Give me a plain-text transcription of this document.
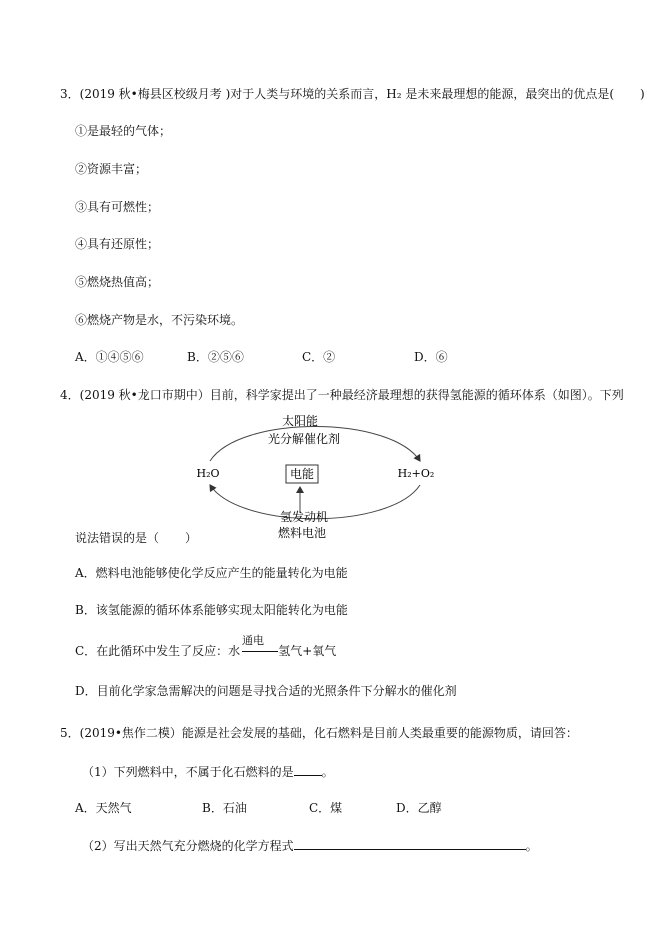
3．(2019 秋•梅县区校级月考 )对于人类与环境的关系而言，H₂ 是未来最理想的能源，最突出的优点是( )
①是最轻的气体；
②资源丰富；
③具有可燃性；
④具有还原性；
⑤燃烧热值高；
⑥燃烧产物是水，不污染环境。
A．①④⑤⑥	B．②⑤⑥	C．②	D．⑥
4．(2019 秋•龙口市期中）目前，科学家提出了一种最经济最理想的获得氢能源的循环体系（如图）。下列
电能
太阳能
光分解催化剂
H₂O	H₂+O₂
氢发动机
燃料电池
说法错误的是（ ）
A．燃料电池能够使化学反应产生的能量转化为电能
B．该氢能源的循环体系能够实现太阳能转化为电能
C．在此循环中发生了反应：水	氢气+氧气
通电
D．目前化学家急需解决的问题是寻找合适的光照条件下分解水的催化剂
5．(2019•焦作二模）能源是社会发展的基础，化石燃料是目前人类最重要的能源物质，请回答：
（1）下列燃料中，不属于化石燃料的是 。
A．天然气	B．石油	C．煤	D．乙醇
（2）写出天然气充分燃烧的化学方程式	。
